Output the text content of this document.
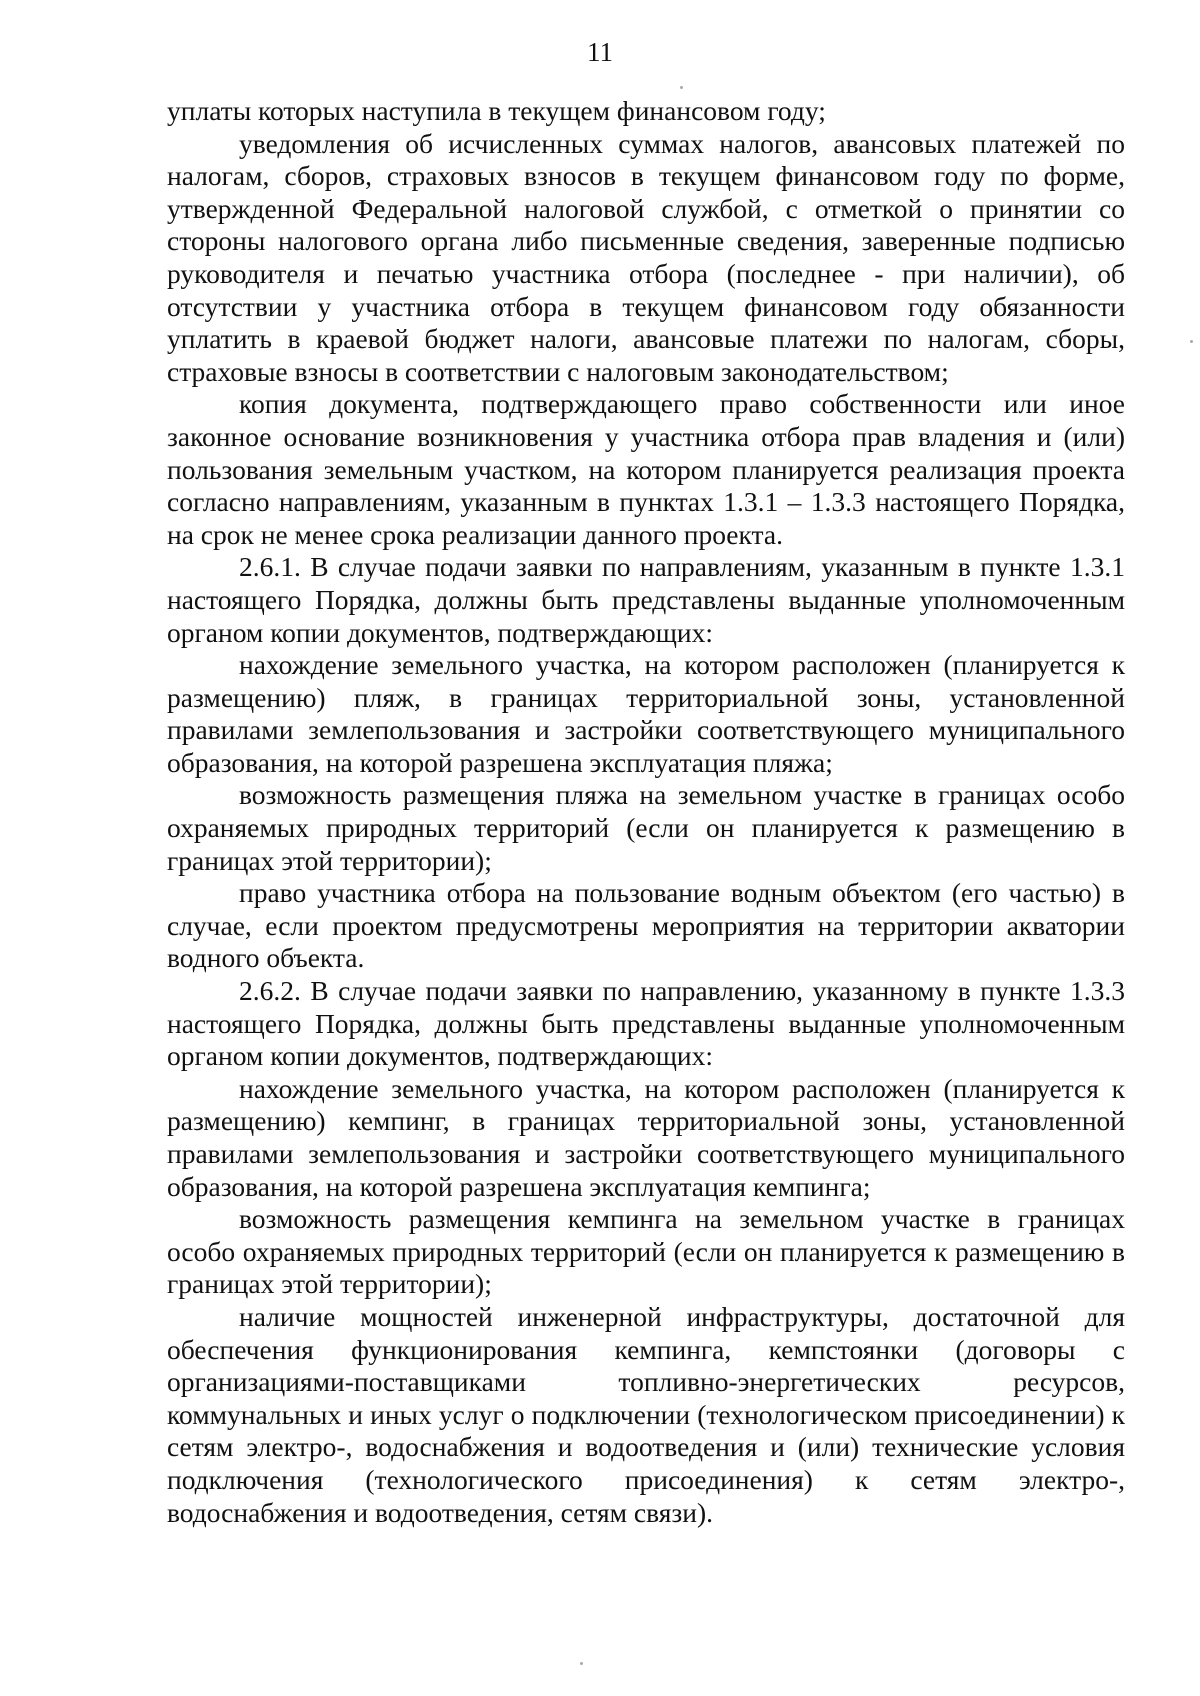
11

уплаты которых наступила в текущем финансовом году;

уведомления об исчисленных суммах налогов, авансовых платежей по налогам, сборов, страховых взносов в текущем финансовом году по форме, утвержденной Федеральной налоговой службой, с отметкой о принятии со стороны налогового органа либо письменные сведения, заверенные подписью руководителя и печатью участника отбора (последнее - при наличии), об отсутствии у участника отбора в текущем финансовом году обязанности уплатить в краевой бюджет налоги, авансовые платежи по налогам, сборы, страховые взносы в соответствии с налоговым законодательством;

копия документа, подтверждающего право собственности или иное законное основание возникновения у участника отбора прав владения и (или) пользования земельным участком, на котором планируется реализация проекта согласно направлениям, указанным в пунктах 1.3.1 – 1.3.3 настоящего Порядка, на срок не менее срока реализации данного проекта.

2.6.1. В случае подачи заявки по направлениям, указанным в пункте 1.3.1 настоящего Порядка, должны быть представлены выданные уполномоченным органом копии документов, подтверждающих:

нахождение земельного участка, на котором расположен (планируется к размещению) пляж, в границах территориальной зоны, установленной правилами землепользования и застройки соответствующего муниципального образования, на которой разрешена эксплуатация пляжа;

возможность размещения пляжа на земельном участке в границах особо охраняемых природных территорий (если он планируется к размещению в границах этой территории);

право участника отбора на пользование водным объектом (его частью) в случае, если проектом предусмотрены мероприятия на территории акватории водного объекта.

2.6.2. В случае подачи заявки по направлению, указанному в пункте 1.3.3 настоящего Порядка, должны быть представлены выданные уполномоченным органом копии документов, подтверждающих:

нахождение земельного участка, на котором расположен (планируется к размещению) кемпинг, в границах территориальной зоны, установленной правилами землепользования и застройки соответствующего муниципального образования, на которой разрешена эксплуатация кемпинга;

возможность размещения кемпинга на земельном участке в границах особо охраняемых природных территорий (если он планируется к размещению в границах этой территории);

наличие мощностей инженерной инфраструктуры, достаточной для обеспечения функционирования кемпинга, кемпстоянки (договоры с организациями-поставщиками топливно-энергетических ресурсов, коммунальных и иных услуг о подключении (технологическом присоединении) к сетям электро-, водоснабжения и водоотведения и (или) технические условия подключения (технологического присоединения) к сетям электро-, водоснабжения и водоотведения, сетям связи).
